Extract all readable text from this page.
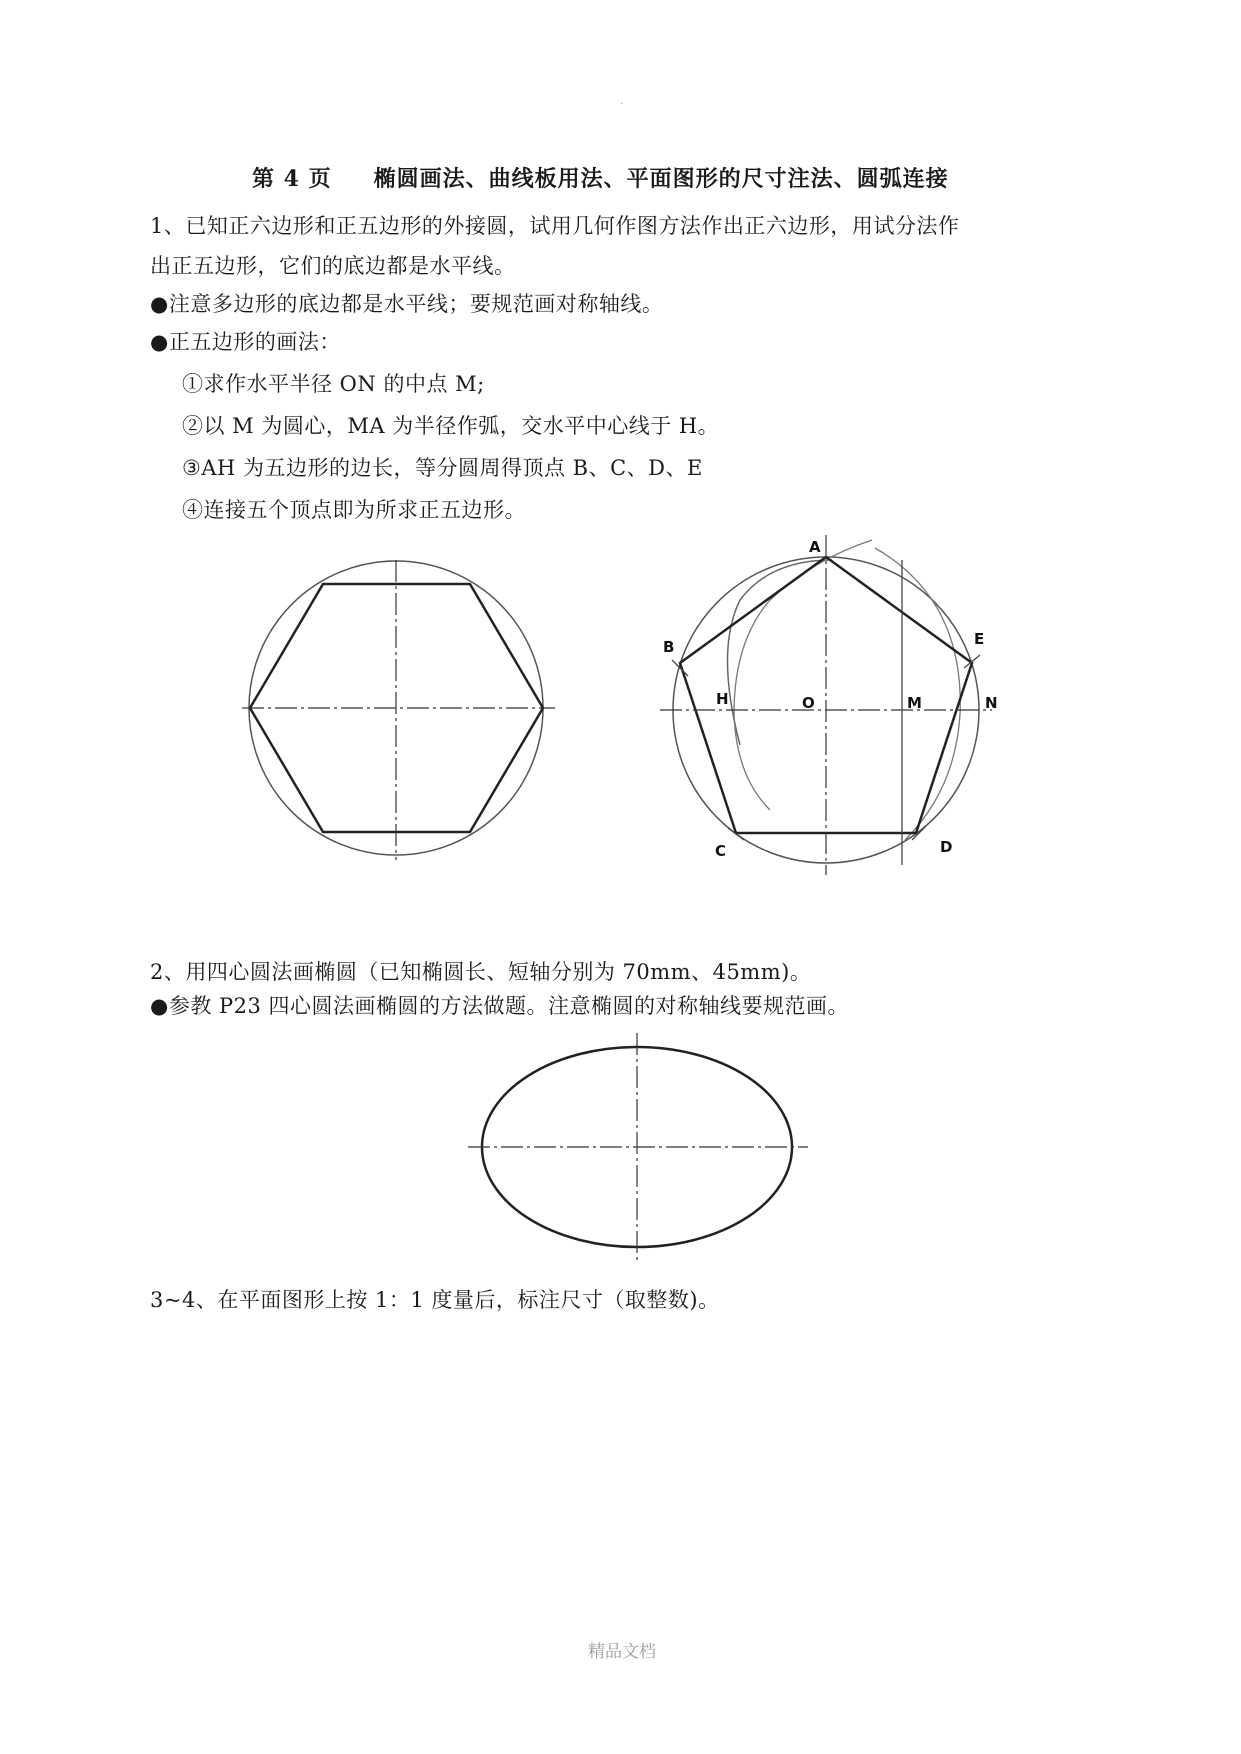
.
第 4 页 椭圆画法、曲线板用法、平面图形的尺寸注法、圆弧连接
1、已知正六边形和正五边形的外接圆，试用几何作图方法作出正六边形，用试分法作
出正五边形，它们的底边都是水平线。
●注意多边形的底边都是水平线；要规范画对称轴线。
●正五边形的画法：
①求作水平半径 ON 的中点 M;
②以 M 为圆心，MA 为半径作弧，交水平中心线于 H。
③AH 为五边形的边长，等分圆周得顶点 B、C、D、E
④连接五个顶点即为所求正五边形。
A
B
H	O	M	N
E
C	D
2、用四心圆法画椭圆（已知椭圆长、短轴分别为 70mm、45mm)。
●参教 P23 四心圆法画椭圆的方法做题。注意椭圆的对称轴线要规范画。
3~4、在平面图形上按 1：1 度量后，标注尺寸（取整数)。
精品文档
